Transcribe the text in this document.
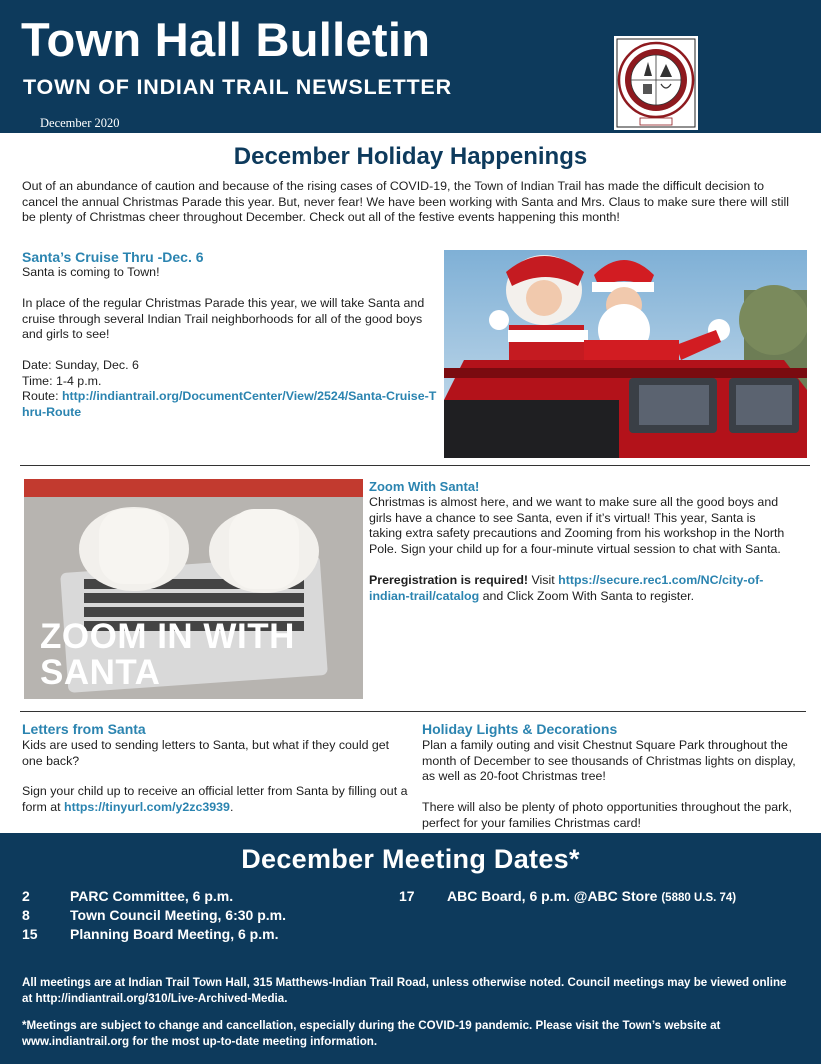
Town Hall Bulletin
TOWN OF INDIAN TRAIL NEWSLETTER
December 2020
December Holiday Happenings
Out of an abundance of caution and because of the rising cases of COVID-19, the Town of Indian Trail has made the difficult decision to cancel the annual Christmas Parade this year. But, never fear! We have been working with Santa and Mrs. Claus to make sure there will still be plenty of Christmas cheer throughout December. Check out all of the festive events happening this month!
Santa’s Cruise Thru -Dec. 6
Santa is coming to Town!
In place of the regular Christmas Parade this year, we will take Santa and cruise through several Indian Trail neighborhoods for all of the good boys and girls to see!
Date: Sunday, Dec. 6
Time: 1-4 p.m.
Route: http://indiantrail.org/DocumentCenter/View/2524/Santa-Cruise-Thru-Route
ZOOM IN WITH
SANTA
Zoom With Santa!
Christmas is almost here, and we want to make sure all the good boys and girls have a chance to see Santa, even if it’s virtual! This year, Santa is taking extra safety precautions and Zooming from his workshop in the North Pole. Sign your child up for a four-minute virtual session to chat with Santa.
Preregistration is required! Visit https://secure.rec1.com/NC/city-of-indian-trail/catalog and Click Zoom With Santa to register.
Letters from Santa
Kids are used to sending letters to Santa, but what if they could get one back?
Sign your child up to receive an official letter from Santa by filling out a form at https://tinyurl.com/y2zc3939.
Holiday Lights & Decorations
Plan a family outing and visit Chestnut Square Park throughout the month of December to see thousands of Christmas lights on display, as well as 20-foot Christmas tree!
There will also be plenty of photo opportunities throughout the park, perfect for your families Christmas card!
December Meeting Dates*
2	PARC Committee, 6 p.m.
8	Town Council Meeting, 6:30 p.m.
15 Planning Board Meeting, 6 p.m.
17 ABC Board, 6 p.m. @ABC Store (5880 U.S. 74)
All meetings are at Indian Trail Town Hall, 315 Matthews-Indian Trail Road, unless otherwise noted. Council meetings may be viewed online at http://indiantrail.org/310/Live-Archived-Media.
*Meetings are subject to change and cancellation, especially during the COVID-19 pandemic. Please visit the Town’s website at www.indiantrail.org for the most up-to-date meeting information.
